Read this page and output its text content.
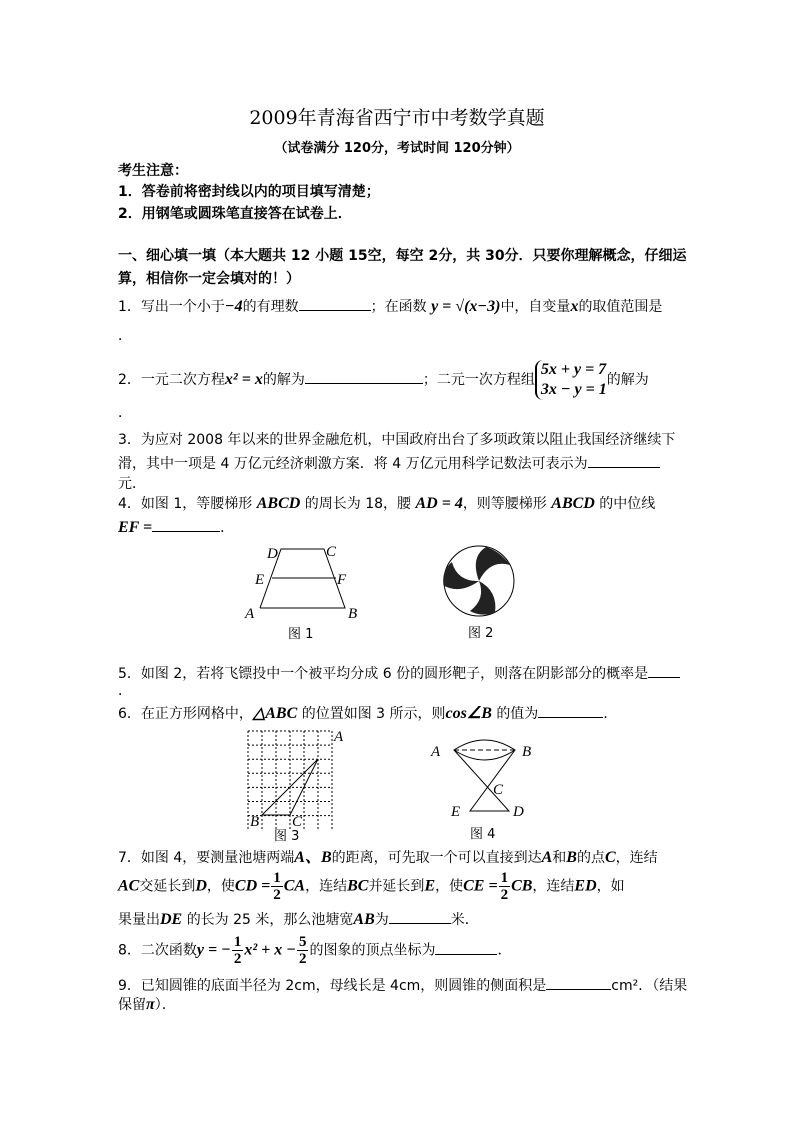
2009年青海省西宁市中考数学真题
（试卷满分 120分，考试时间 120分钟）
考生注意：
1．答卷前将密封线以内的项目填写清楚；
2．用钢笔或圆珠笔直接答在试卷上．
一、细心填一填（本大题共 12 小题 15空，每空 2分，共 30分．只要你理解概念，仔细运
算，相信你一定会填对的！）
1．写出一个小于−4的有理数	；在函数 y = √(x−3)中，自变量x的取值范围是
．
2．一元二次方程x² = x的解为	；二元一次方程组
5x + y = 7
3x − y = 1
的解为
．
3．为应对 2008 年以来的世界金融危机，中国政府出台了多项政策以阻止我国经济继续下
滑，其中一项是 4 万亿元经济刺激方案．将 4 万亿元用科学记数法可表示为
元．
4．如图 1，等腰梯形 ABCD 的周长为 18，腰 AD = 4，则等腰梯形 ABCD 的中位线
EF =	．
A	B
C
D
E	F
图 1	图 2
5．如图 2，若将飞镖投中一个被平均分成 6 份的圆形靶子，则落在阴影部分的概率是
．
6．在正方形网格中，△ABC 的位置如图 3 所示，则cos∠B 的值为	．
A
B C
图 3
A	B
C
D
E
图 4
7．如图 4，要测量池塘两端A、B的距离，可先取一个可以直接到达A和B的点C，连结
AC交延长到D，使CD = $\frac{1}{2}$ CA，连结BC并延长到E，使CE = $\frac{1}{2}$ CB，连结ED，如
果量出DE 的长为 25 米，那么池塘宽AB为	米．
8．二次函数y = − $\frac{1}{2} x^2 + x - \frac{5}{2}$ 的图象的顶点坐标为	．
9．已知圆锥的底面半径为 2cm，母线长是 4cm，则圆锥的侧面积是	cm²．（结果
保留π）．
